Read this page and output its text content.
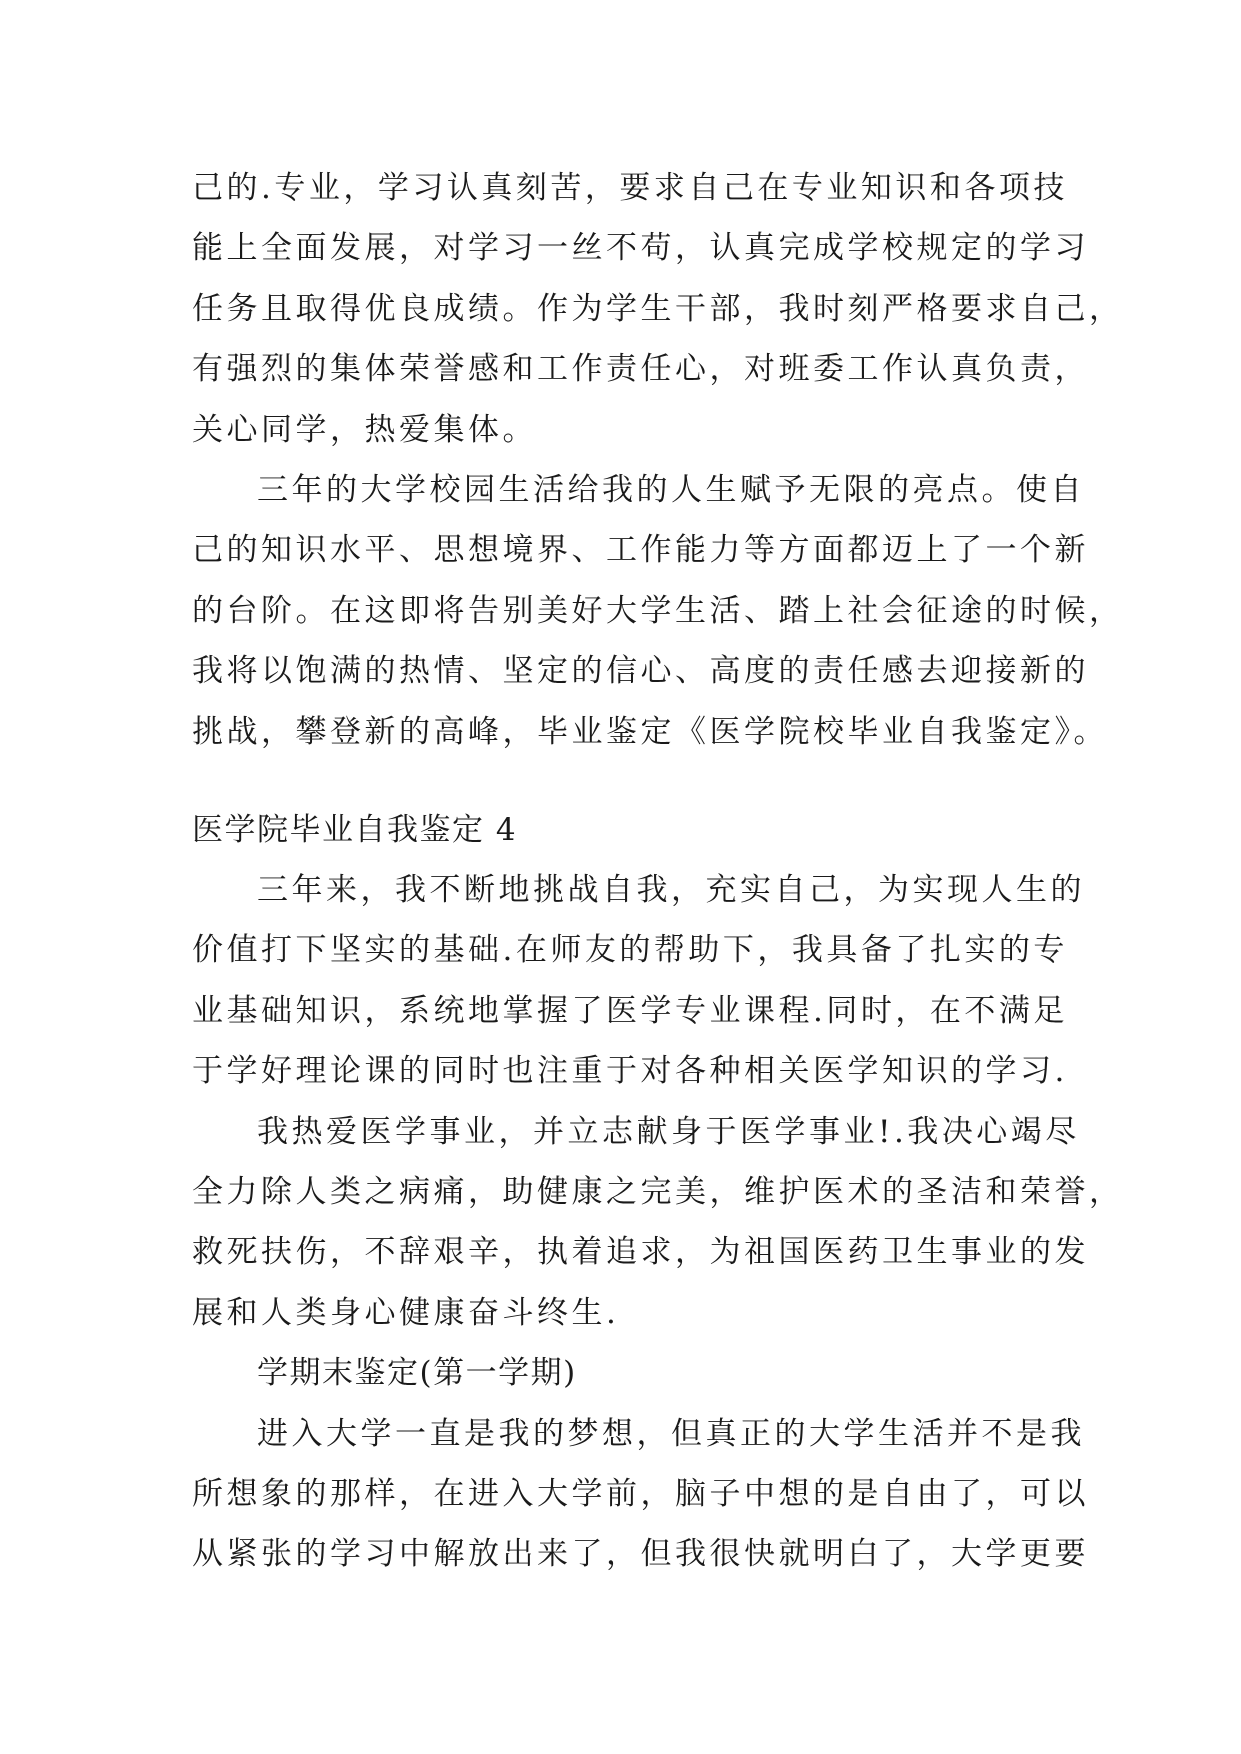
己的.专业，学习认真刻苦，要求自己在专业知识和各项技
能上全面发展，对学习一丝不苟，认真完成学校规定的学习
任务且取得优良成绩。作为学生干部，我时刻严格要求自己，
有强烈的集体荣誉感和工作责任心，对班委工作认真负责，
关心同学，热爱集体。
三年的大学校园生活给我的人生赋予无限的亮点。使自
己的知识水平、思想境界、工作能力等方面都迈上了一个新
的台阶。在这即将告别美好大学生活、踏上社会征途的时候，
我将以饱满的热情、坚定的信心、高度的责任感去迎接新的
挑战，攀登新的高峰，毕业鉴定《医学院校毕业自我鉴定》。
医学院毕业自我鉴定 4
三年来，我不断地挑战自我，充实自己，为实现人生的
价值打下坚实的基础.在师友的帮助下，我具备了扎实的专
业基础知识，系统地掌握了医学专业课程.同时，在不满足
于学好理论课的同时也注重于对各种相关医学知识的学习.
我热爱医学事业，并立志献身于医学事业!.我决心竭尽
全力除人类之病痛，助健康之完美，维护医术的圣洁和荣誉，
救死扶伤，不辞艰辛，执着追求，为祖国医药卫生事业的发
展和人类身心健康奋斗终生.
学期末鉴定(第一学期)
进入大学一直是我的梦想，但真正的大学生活并不是我
所想象的那样，在进入大学前，脑子中想的是自由了，可以
从紧张的学习中解放出来了，但我很快就明白了，大学更要
